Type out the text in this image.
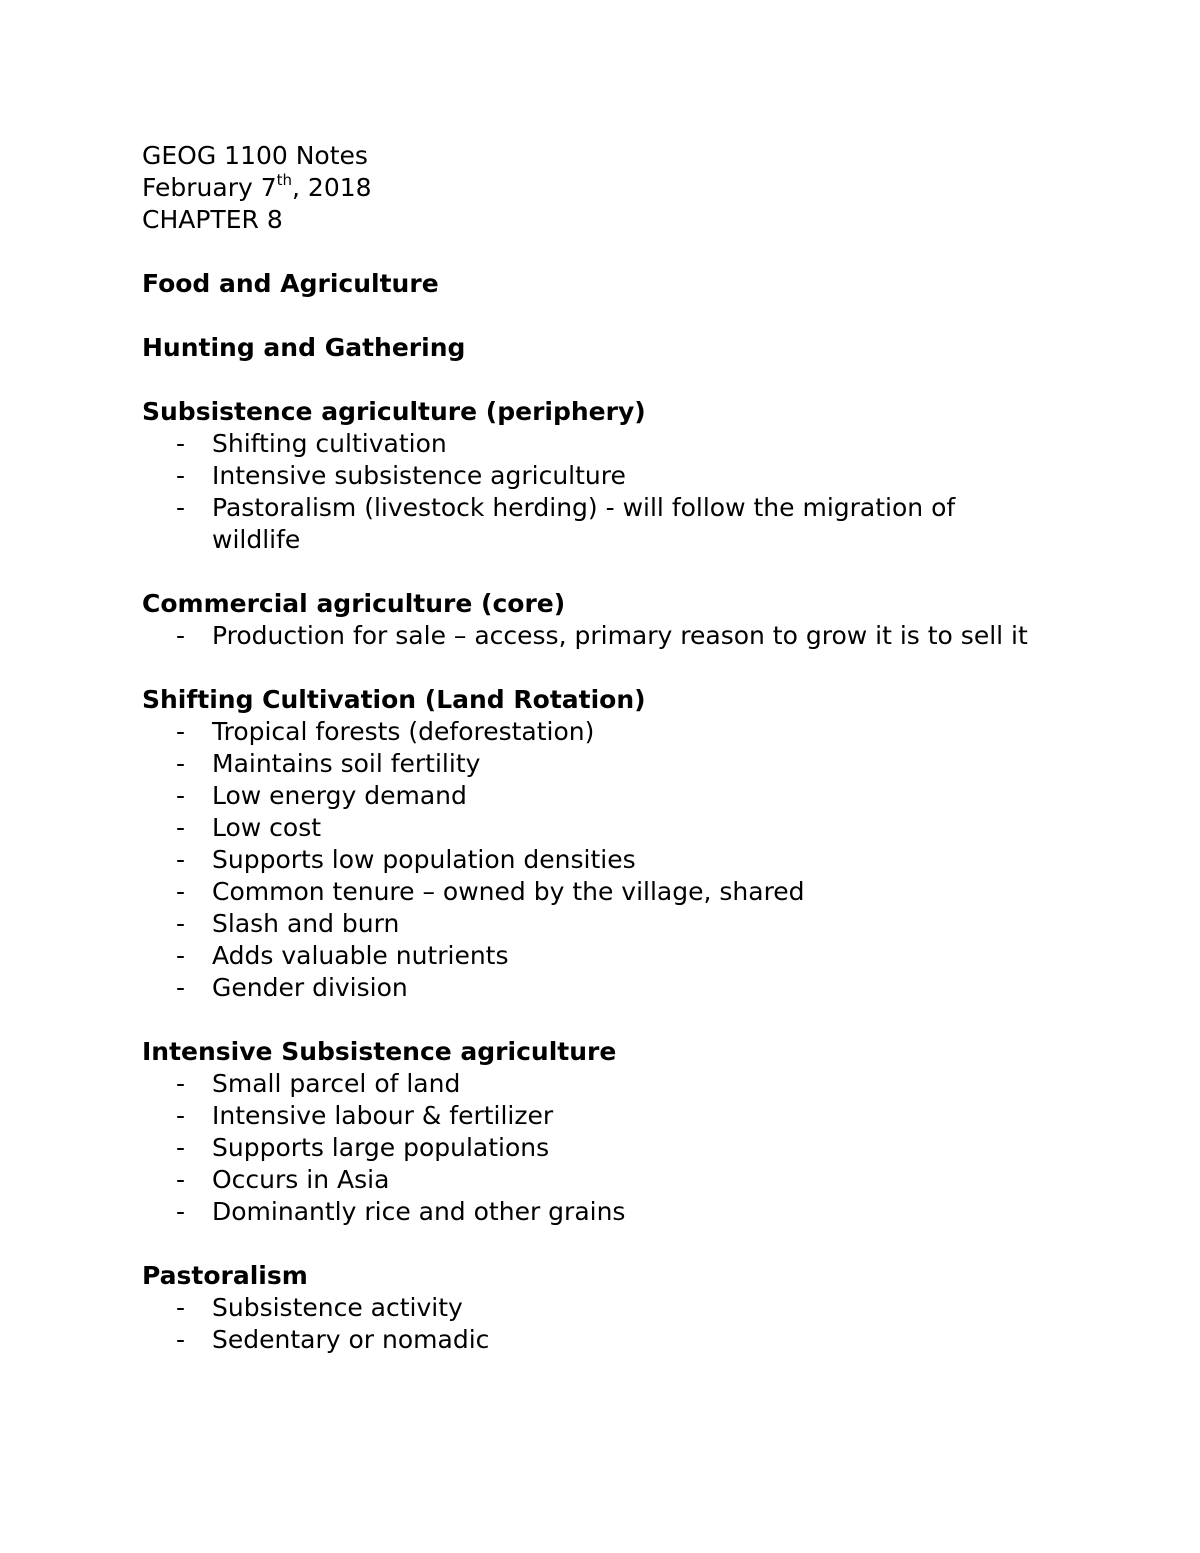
GEOG 1100 Notes

February 7th, 2018

CHAPTER 8

Food and Agriculture

Hunting and Gathering

Subsistence agriculture (periphery)

- Shifting cultivation
- Intensive subsistence agriculture
- Pastoralism (livestock herding) - will follow the migration of wildlife

Commercial agriculture (core)

- Production for sale – access, primary reason to grow it is to sell it

Shifting Cultivation (Land Rotation)

- Tropical forests (deforestation)
- Maintains soil fertility
- Low energy demand
- Low cost
- Supports low population densities
- Common tenure – owned by the village, shared
- Slash and burn
- Adds valuable nutrients
- Gender division

Intensive Subsistence agriculture

- Small parcel of land
- Intensive labour & fertilizer
- Supports large populations
- Occurs in Asia
- Dominantly rice and other grains

Pastoralism

- Subsistence activity
- Sedentary or nomadic
